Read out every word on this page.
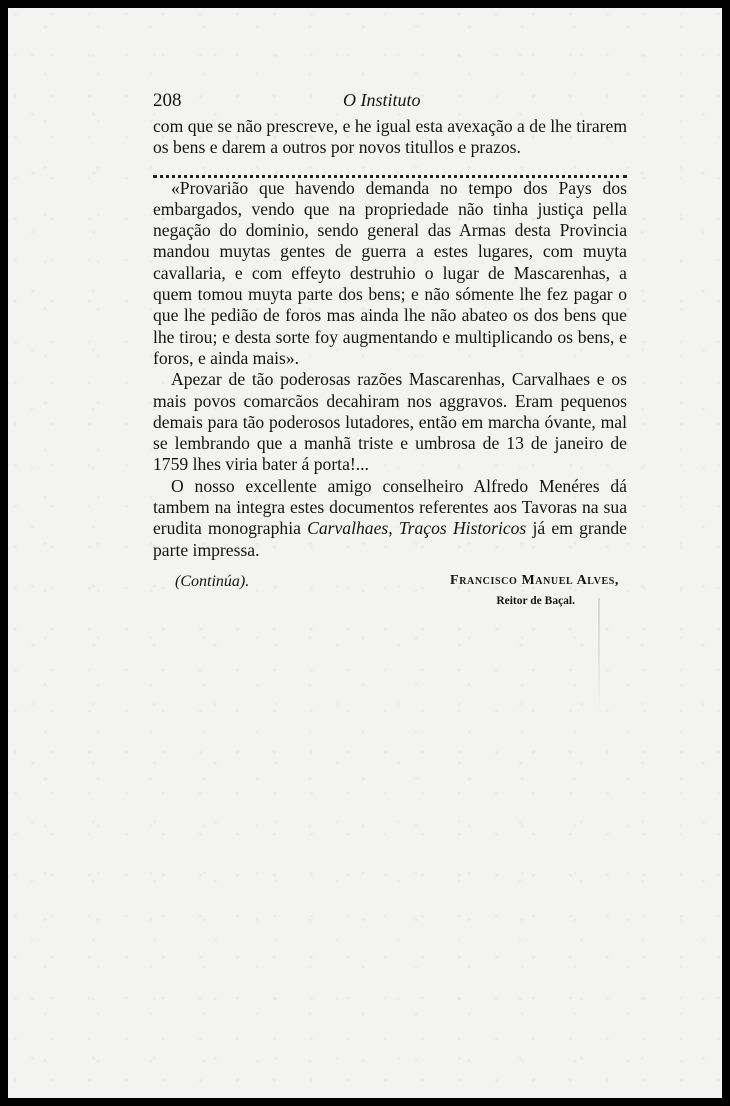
208	O Instituto

com que se não prescreve, e he igual esta avexação a de lhe tirarem os bens e darem a outros por novos titullos e prazos.

«Provarião que havendo demanda no tempo dos Pays dos embargados, vendo que na propriedade não tinha justiça pella negação do dominio, sendo general das Armas desta Provincia mandou muytas gentes de guerra a estes lugares, com muyta cavallaria, e com effeyto destruhio o lugar de Mascarenhas, a quem tomou muyta parte dos bens; e não sómente lhe fez pagar o que lhe pedião de foros mas ainda lhe não abateo os dos bens que lhe tirou; e desta sorte foy augmentando e multiplicando os bens, e foros, e ainda mais».

Apezar de tão poderosas razões Mascarenhas, Carvalhaes e os mais povos comarcãos decahiram nos aggravos. Eram pequenos demais para tão poderosos lutadores, então em marcha óvante, mal se lembrando que a manhã triste e umbrosa de 13 de janeiro de 1759 lhes viria bater á porta!...

O nosso excellente amigo conselheiro Alfredo Menéres dá tambem na integra estes documentos referentes aos Tavoras na sua erudita monographia Carvalhaes, Traços Historicos já em grande parte impressa.

(Continúa).	Francisco Manuel Alves,
Reitor de Baçal.
